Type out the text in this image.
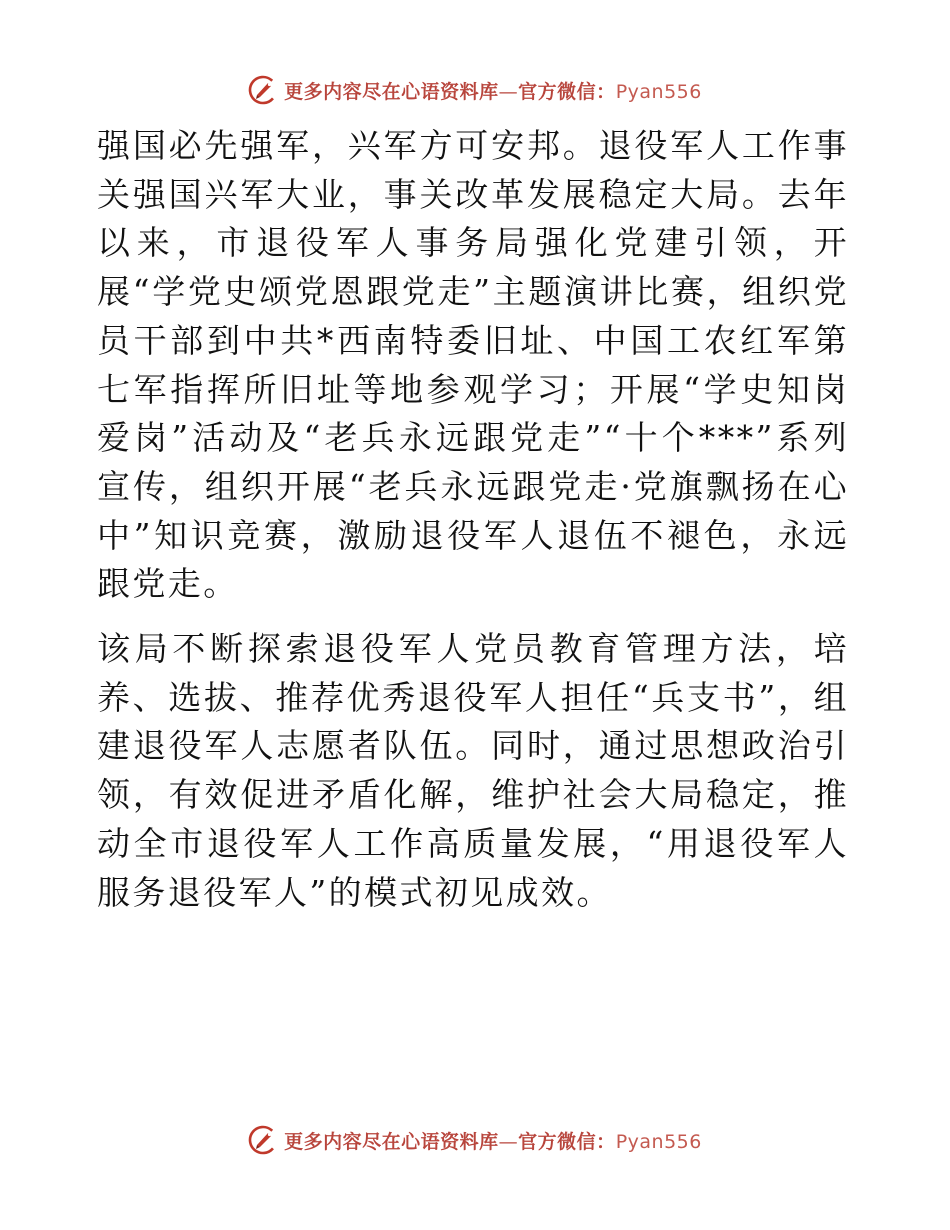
更多内容尽在心语资料库—官方微信：Pyan556

强国必先强军，兴军方可安邦。退役军人工作事关强国兴军大业，事关改革发展稳定大局。去年以来，市退役军人事务局强化党建引领，开展“学党史颂党恩跟党走”主题演讲比赛，组织党员干部到中共*西南特委旧址、中国工农红军第七军指挥所旧址等地参观学习；开展“学史知岗爱岗”活动及“老兵永远跟党走”“十个***”系列宣传，组织开展“老兵永远跟党走·党旗飘扬在心中”知识竞赛，激励退役军人退伍不褪色，永远跟党走。

该局不断探索退役军人党员教育管理方法，培养、选拔、推荐优秀退役军人担任“兵支书”，组建退役军人志愿者队伍。同时，通过思想政治引领，有效促进矛盾化解，维护社会大局稳定，推动全市退役军人工作高质量发展，“用退役军人服务退役军人”的模式初见成效。

更多内容尽在心语资料库—官方微信：Pyan556
